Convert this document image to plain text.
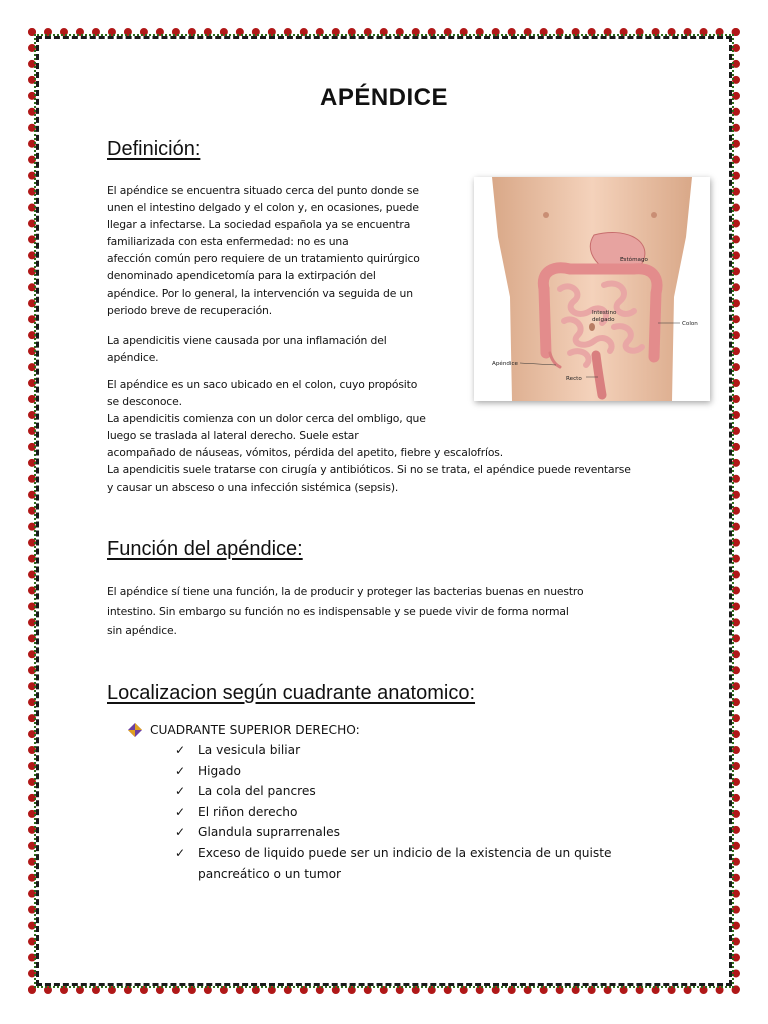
APÉNDICE
Definición:
El apéndice se encuentra situado cerca del punto donde se
unen el intestino delgado y el colon y, en ocasiones, puede
llegar a infectarse. La sociedad española ya se encuentra
familiarizada con esta enfermedad: no es una
afección común pero requiere de un tratamiento quirúrgico
denominado apendicetomía para la extirpación del
apéndice. Por lo general, la intervención va seguida de un
periodo breve de recuperación.
La apendicitis viene causada por una inflamación del
apéndice.
El apéndice es un saco ubicado en el colon, cuyo propósito
se desconoce.
La apendicitis comienza con un dolor cerca del ombligo, que
luego se traslada al lateral derecho. Suele estar
acompañado de náuseas, vómitos, pérdida del apetito, fiebre y escalofríos.
La apendicitis suele tratarse con cirugía y antibióticos. Si no se trata, el apéndice puede reventarse
y causar un absceso o una infección sistémica (sepsis).
Estómago
Intestino
delgado
Colon
Apéndice
Recto
Función del apéndice:
El apéndice sí tiene una función, la de producir y proteger las bacterias buenas en nuestro
intestino. Sin embargo su función no es indispensable y se puede vivir de forma normal
sin apéndice.
Localizacion según cuadrante anatomico:
CUADRANTE SUPERIOR DERECHO:
✓ La vesicula biliar
✓ Higado
✓ La cola del pancres
✓ El riñon derecho
✓ Glandula suprarrenales
✓ Exceso de liquido puede ser un indicio de la existencia de un quiste
pancreático o un tumor
